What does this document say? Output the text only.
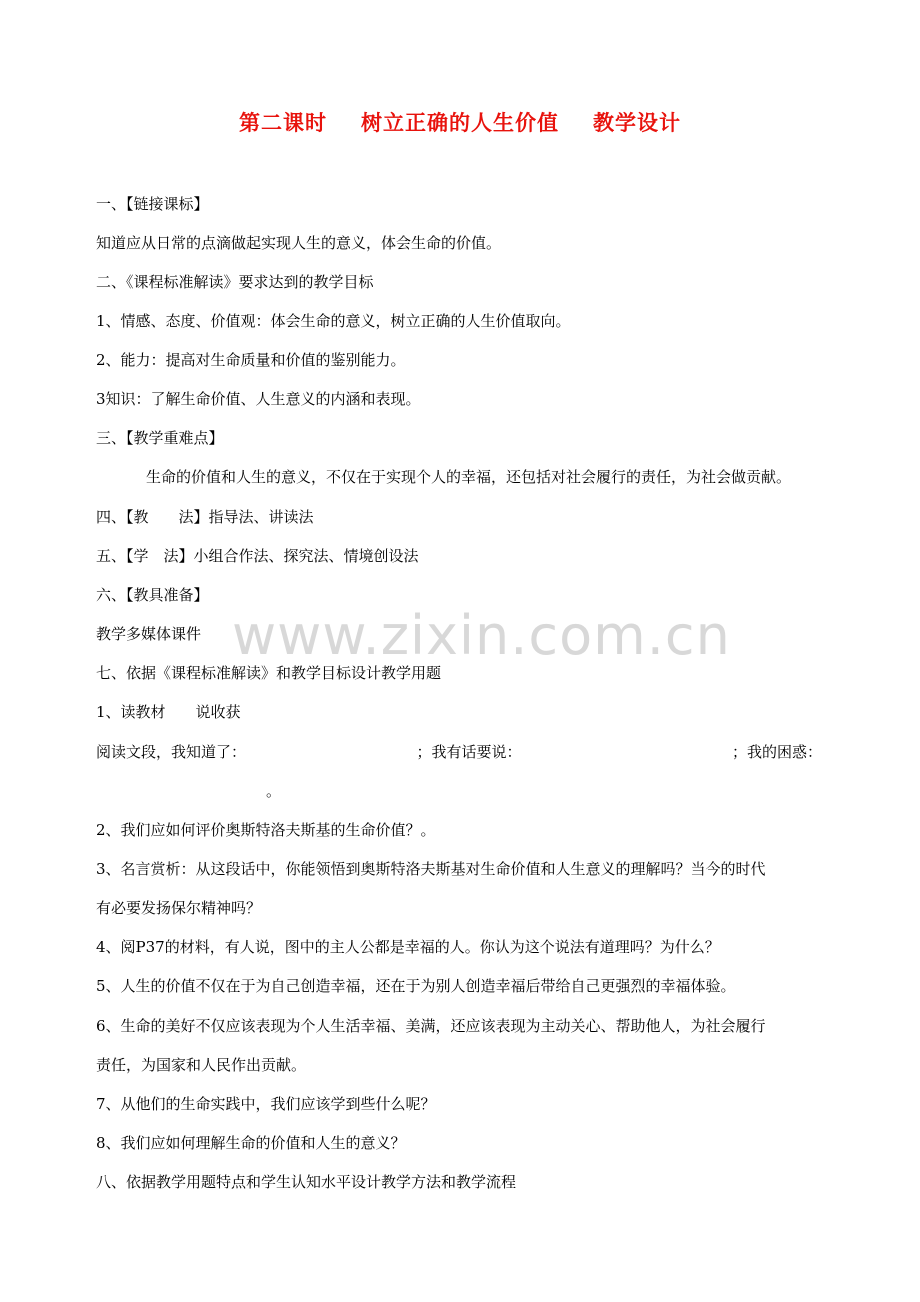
第二课时 树立正确的人生价值 教学设计
一、【链接课标】
知道应从日常的点滴做起实现人生的意义，体会生命的价值。
二、《课程标准解读》要求达到的教学目标
1、情感、态度、价值观：体会生命的意义，树立正确的人生价值取向。
2、能力：提高对生命质量和价值的鉴别能力。
3知识：了解生命价值、人生意义的内涵和表现。
三、【教学重难点】
生命的价值和人生的意义，不仅在于实现个人的幸福，还包括对社会履行的责任，为社会做贡献。
四、【教　　法】指导法、讲读法
五、【学　法】小组合作法、探究法、情境创设法
六、【教具准备】
教学多媒体课件
七、依据《课程标准解读》和教学目标设计教学用题
1、读教材　　说收获
阅读文段，我知道了：	；我有话要说：	；我的困惑：
。
2、我们应如何评价奥斯特洛夫斯基的生命价值？。
3、名言赏析：从这段话中，你能领悟到奥斯特洛夫斯基对生命价值和人生意义的理解吗？当今的时代
有必要发扬保尔精神吗？
4、阅P37的材料，有人说，图中的主人公都是幸福的人。你认为这个说法有道理吗？为什么？
5、人生的价值不仅在于为自己创造幸福，还在于为别人创造幸福后带给自己更强烈的幸福体验。
6、生命的美好不仅应该表现为个人生活幸福、美满，还应该表现为主动关心、帮助他人，为社会履行
责任，为国家和人民作出贡献。
7、从他们的生命实践中，我们应该学到些什么呢？
8、我们应如何理解生命的价值和人生的意义？
八、依据教学用题特点和学生认知水平设计教学方法和教学流程
www.zixin.com.cn
